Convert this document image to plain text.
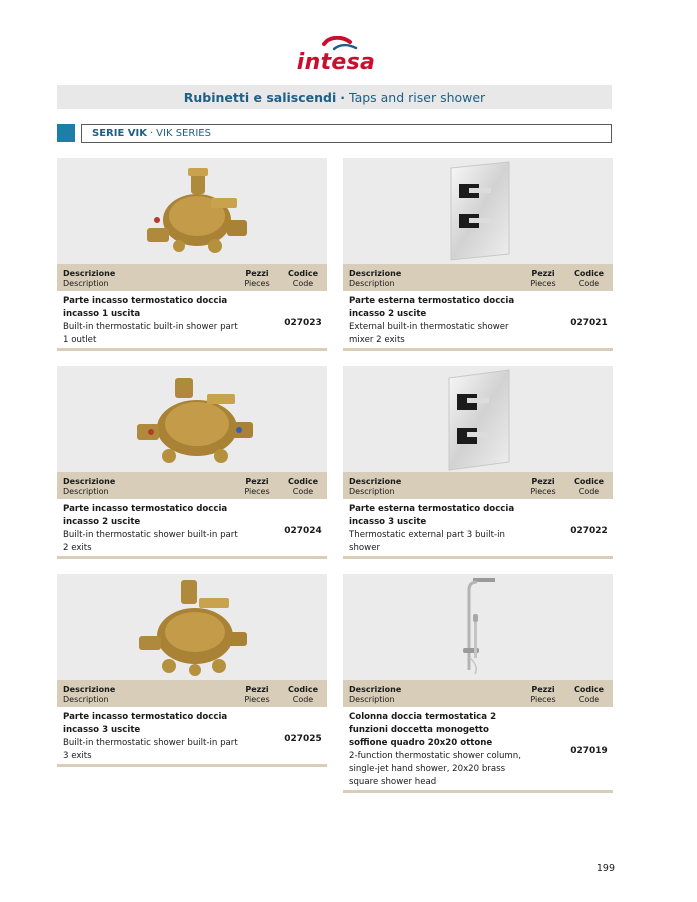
intesa
Rubinetti e saliscendi · Taps and riser shower
SERIE VIK · VIK SERIES
Descrizione
Description
Pezzi
Pieces
Codice
Code
Parte incasso termostatico doccia incasso 1 uscita
Built-in thermostatic built-in shower part 1 outlet
027023
Descrizione
Description
Pezzi
Pieces
Codice
Code
Parte esterna termostatico doccia incasso 2 uscite
External built-in thermostatic shower mixer 2 exits
027021
Descrizione
Description
Pezzi
Pieces
Codice
Code
Parte incasso termostatico doccia incasso 2 uscite
Built-in thermostatic shower built-in part 2 exits
027024
Descrizione
Description
Pezzi
Pieces
Codice
Code
Parte esterna termostatico doccia incasso 3 uscite
Thermostatic external part 3 built-in shower
027022
Descrizione
Description
Pezzi
Pieces
Codice
Code
Parte incasso termostatico doccia incasso 3 uscite
Built-in thermostatic shower built-in part 3 exits
027025
Descrizione
Description
Pezzi
Pieces
Codice
Code
Colonna doccia termostatica 2 funzioni doccetta monogetto soffione quadro 20x20 ottone
2-function thermostatic shower column, single-jet hand shower, 20x20 brass square shower head
027019
199
